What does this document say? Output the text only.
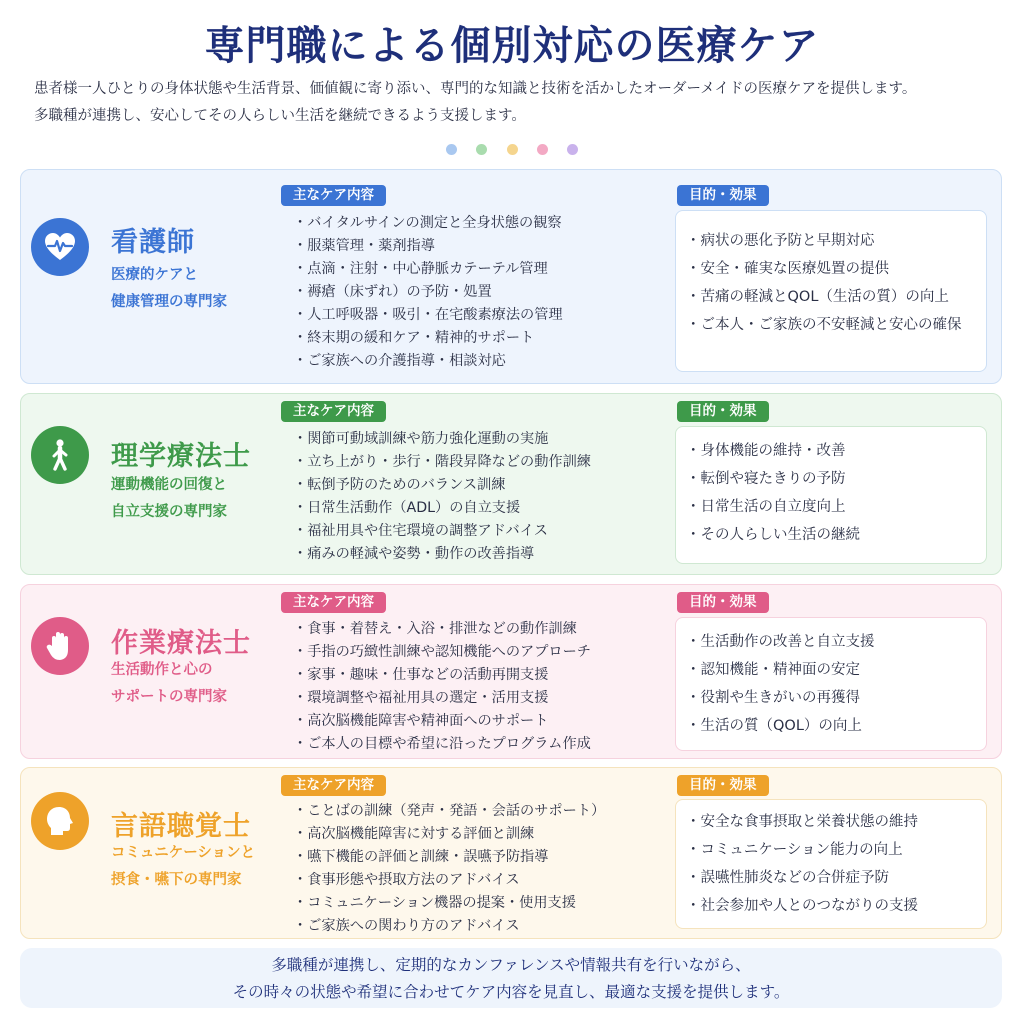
専門職による個別対応の医療ケア

患者様一人ひとりの身体状態や生活背景、価値観に寄り添い、専門的な知識と技術を活かしたオーダーメイドの医療ケアを提供します。

多職種が連携し、安心してその人らしい生活を継続できるよう支援します。

看護師
医療的ケアと
健康管理の専門家
主なケア内容
・ バイタルサインの測定と全身状態の観察
・ 服薬管理・薬剤指導
・ 点滴・注射・中心静脈カテーテル管理
・ 褥瘡（床ずれ）の予防・処置
・ 人工呼吸器・吸引・在宅酸素療法の管理
・ 終末期の緩和ケア・精神的サポート
・ ご家族への介護指導・相談対応
目的・効果
・ 病状の悪化予防と早期対応
・ 安全・確実な医療処置の提供
・ 苦痛の軽減とQOL（生活の質）の向上
・ ご本人・ご家族の不安軽減と安心の確保
理学療法士
運動機能の回復と
自立支援の専門家
主なケア内容
・ 関節可動域訓練や筋力強化運動の実施
・ 立ち上がり・歩行・階段昇降などの動作訓練
・ 転倒予防のためのバランス訓練
・ 日常生活動作（ADL）の自立支援
・ 福祉用具や住宅環境の調整アドバイス
・ 痛みの軽減や姿勢・動作の改善指導
目的・効果
・ 身体機能の維持・改善
・ 転倒や寝たきりの予防
・ 日常生活の自立度向上
・ その人らしい生活の継続
作業療法士
生活動作と心の
サポートの専門家
主なケア内容
・ 食事・着替え・入浴・排泄などの動作訓練
・ 手指の巧緻性訓練や認知機能へのアプローチ
・ 家事・趣味・仕事などの活動再開支援
・ 環境調整や福祉用具の選定・活用支援
・ 高次脳機能障害や精神面へのサポート
・ ご本人の目標や希望に沿ったプログラム作成
目的・効果
・ 生活動作の改善と自立支援
・ 認知機能・精神面の安定
・ 役割や生きがいの再獲得
・ 生活の質（QOL）の向上
言語聴覚士
コミュニケーションと
摂食・嚥下の専門家
主なケア内容
・ ことばの訓練（発声・発語・会話のサポート）
・ 高次脳機能障害に対する評価と訓練
・ 嚥下機能の評価と訓練・誤嚥予防指導
・ 食事形態や摂取方法のアドバイス
・ コミュニケーション機器の提案・使用支援
・ ご家族への関わり方のアドバイス
目的・効果
・ 安全な食事摂取と栄養状態の維持
・ コミュニケーション能力の向上
・ 誤嚥性肺炎などの合併症予防
・ 社会参加や人とのつながりの支援
多職種が連携し、定期的なカンファレンスや情報共有を行いながら、
その時々の状態や希望に合わせてケア内容を見直し、最適な支援を提供します。
